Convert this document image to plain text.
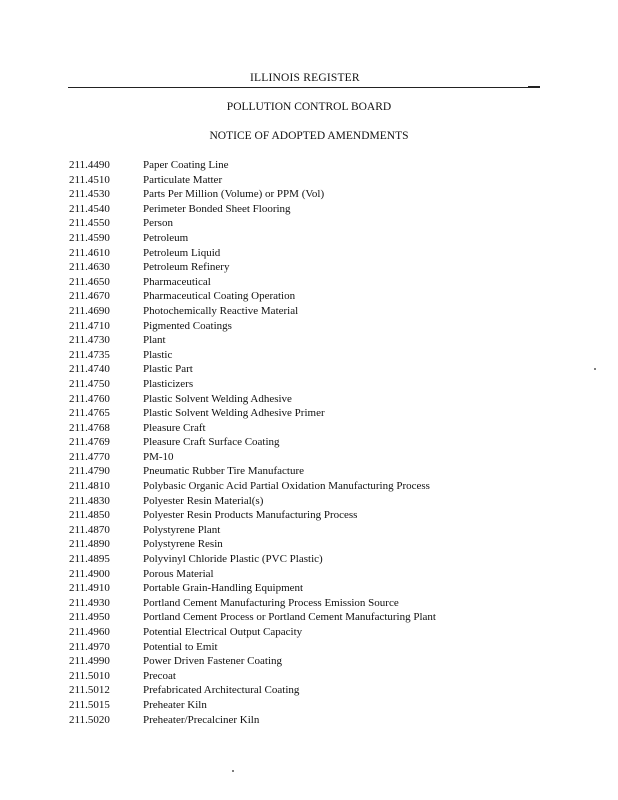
ILLINOIS REGISTER
POLLUTION CONTROL BOARD
NOTICE OF ADOPTED AMENDMENTS
211.4490	Paper Coating Line
211.4510	Particulate Matter
211.4530	Parts Per Million (Volume) or PPM (Vol)
211.4540	Perimeter Bonded Sheet Flooring
211.4550	Person
211.4590	Petroleum
211.4610	Petroleum Liquid
211.4630	Petroleum Refinery
211.4650	Pharmaceutical
211.4670	Pharmaceutical Coating Operation
211.4690	Photochemically Reactive Material
211.4710	Pigmented Coatings
211.4730	Plant
211.4735	Plastic
211.4740	Plastic Part
211.4750	Plasticizers
211.4760	Plastic Solvent Welding Adhesive
211.4765	Plastic Solvent Welding Adhesive Primer
211.4768	Pleasure Craft
211.4769	Pleasure Craft Surface Coating
211.4770	PM-10
211.4790	Pneumatic Rubber Tire Manufacture
211.4810	Polybasic Organic Acid Partial Oxidation Manufacturing Process
211.4830	Polyester Resin Material(s)
211.4850	Polyester Resin Products Manufacturing Process
211.4870	Polystyrene Plant
211.4890	Polystyrene Resin
211.4895	Polyvinyl Chloride Plastic (PVC Plastic)
211.4900	Porous Material
211.4910	Portable Grain-Handling Equipment
211.4930	Portland Cement Manufacturing Process Emission Source
211.4950	Portland Cement Process or Portland Cement Manufacturing Plant
211.4960	Potential Electrical Output Capacity
211.4970	Potential to Emit
211.4990	Power Driven Fastener Coating
211.5010	Precoat
211.5012	Prefabricated Architectural Coating
211.5015	Preheater Kiln
211.5020	Preheater/Precalciner Kiln
